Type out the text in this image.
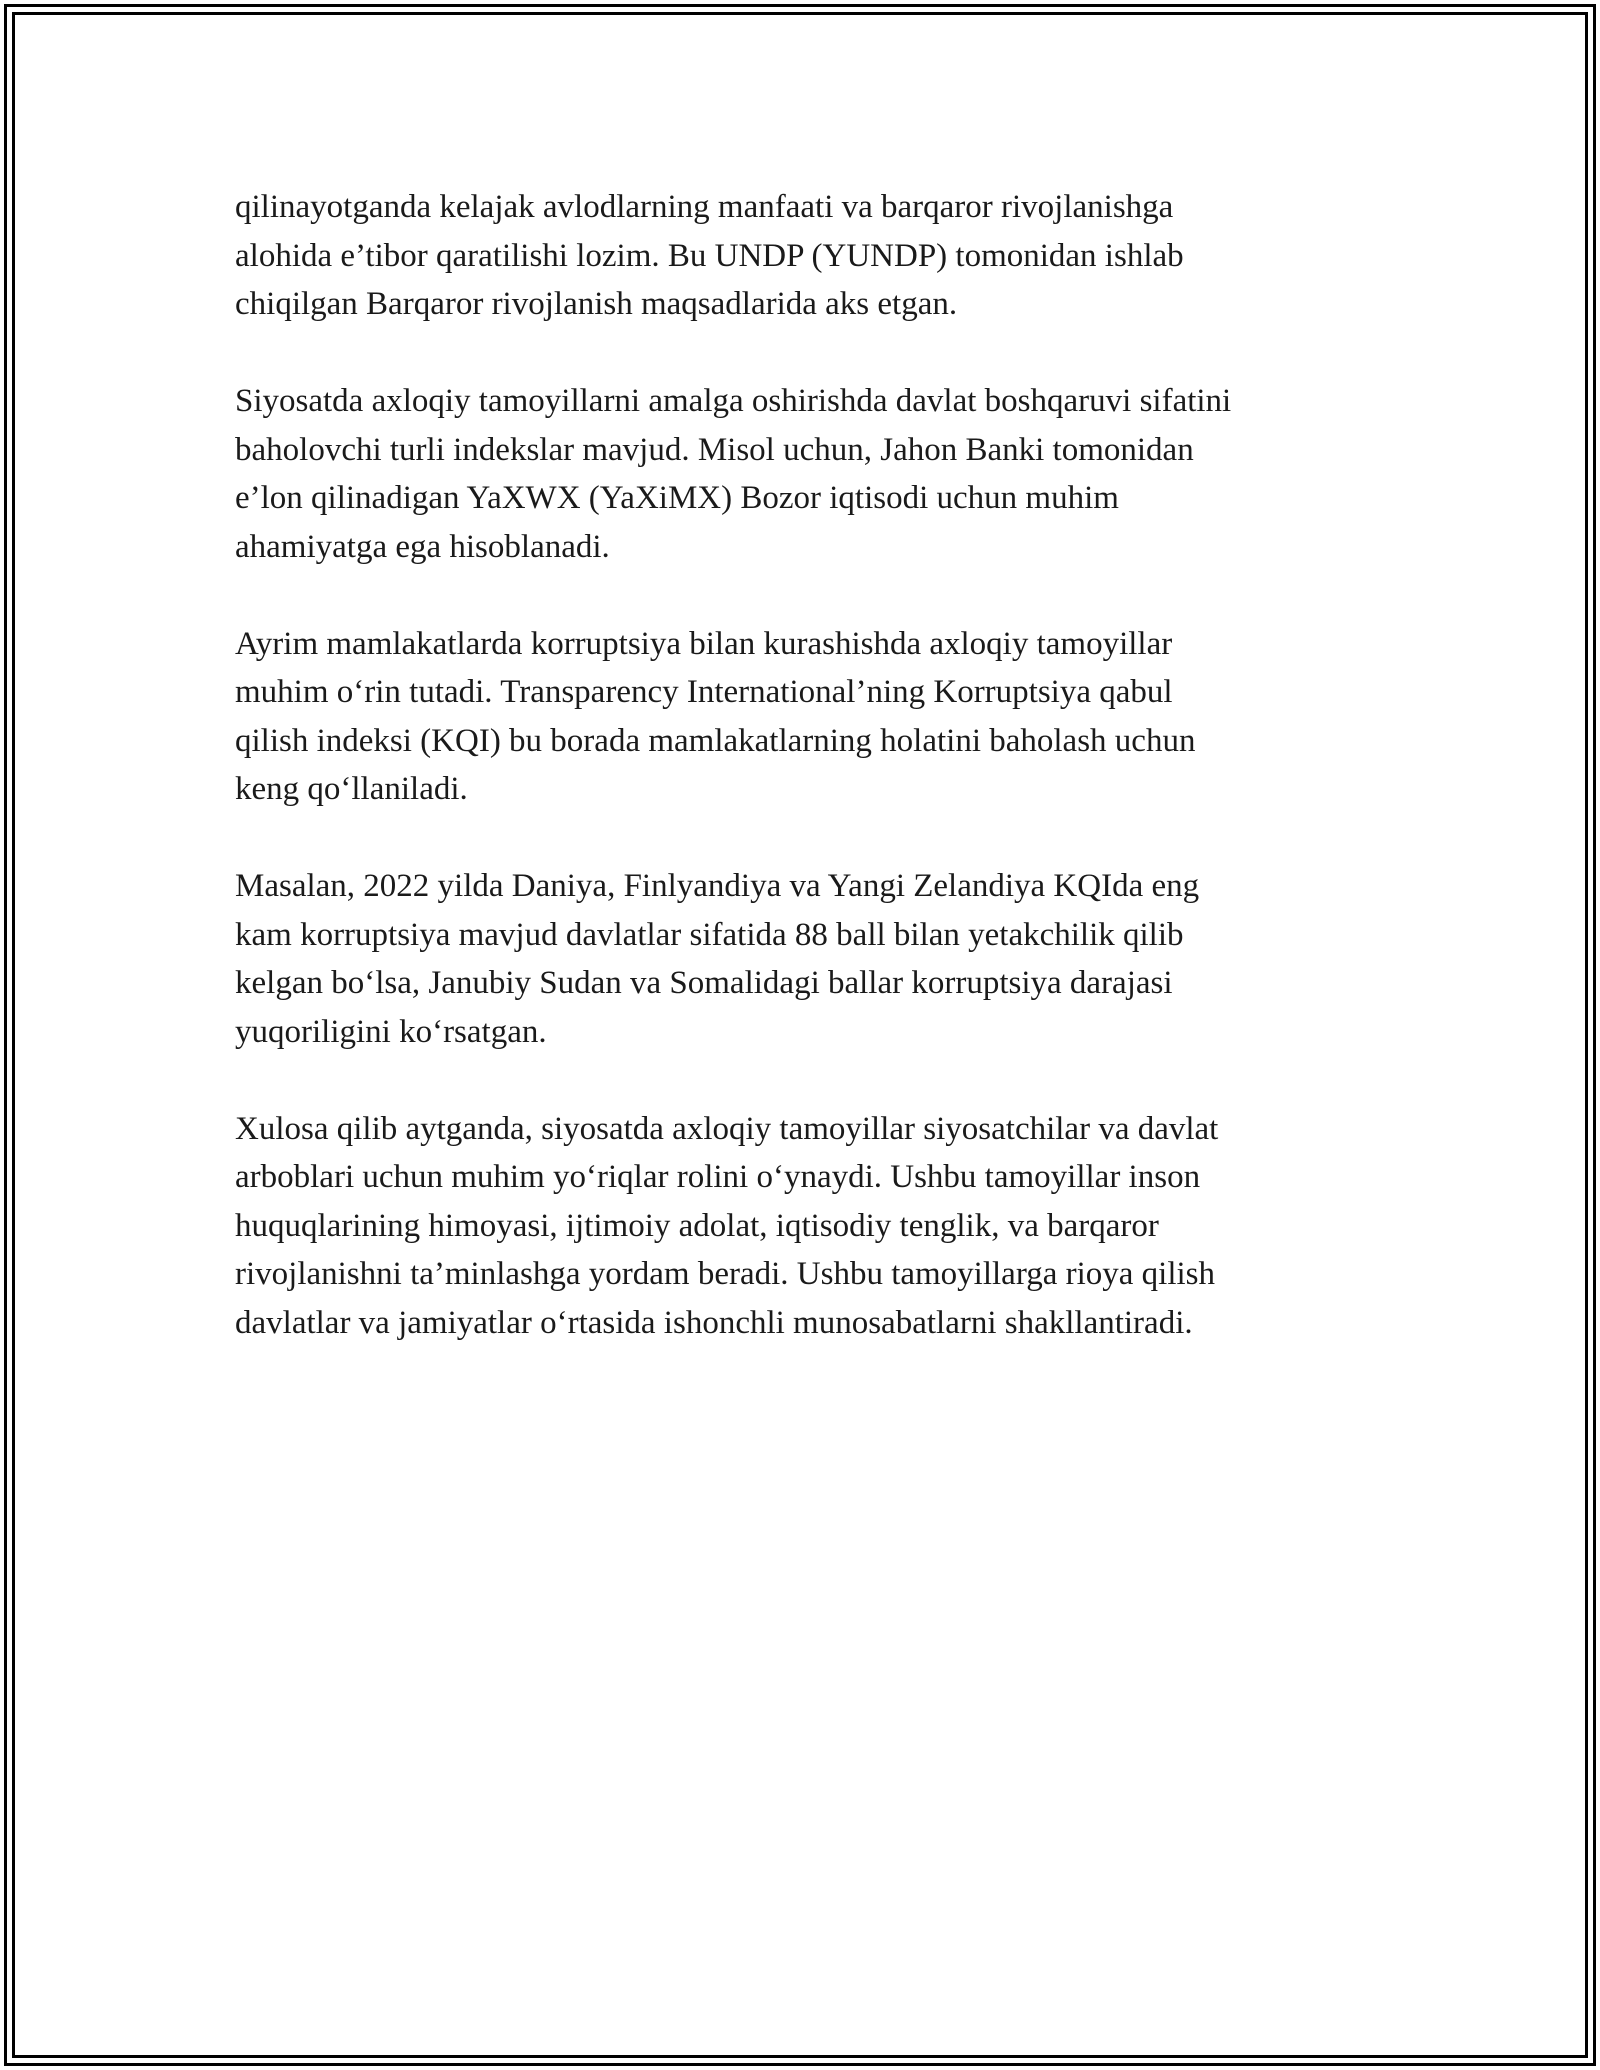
qilinayotganda kelajak avlodlarning manfaati va barqaror rivojlanishga
alohida e’tibor qaratilishi lozim. Bu UNDP (YUNDP) tomonidan ishlab
chiqilgan Barqaror rivojlanish maqsadlarida aks etgan.
Siyosatda axloqiy tamoyillarni amalga oshirishda davlat boshqaruvi sifatini
baholovchi turli indekslar mavjud. Misol uchun, Jahon Banki tomonidan
e’lon qilinadigan YaXWX (YaXiMX) Bozor iqtisodi uchun muhim
ahamiyatga ega hisoblanadi.
Ayrim mamlakatlarda korruptsiya bilan kurashishda axloqiy tamoyillar
muhim o‘rin tutadi. Transparency International’ning Korruptsiya qabul
qilish indeksi (KQI) bu borada mamlakatlarning holatini baholash uchun
keng qo‘llaniladi.
Masalan, 2022 yilda Daniya, Finlyandiya va Yangi Zelandiya KQIda eng
kam korruptsiya mavjud davlatlar sifatida 88 ball bilan yetakchilik qilib
kelgan bo‘lsa, Janubiy Sudan va Somalidagi ballar korruptsiya darajasi
yuqoriligini ko‘rsatgan.
Xulosa qilib aytganda, siyosatda axloqiy tamoyillar siyosatchilar va davlat
arboblari uchun muhim yo‘riqlar rolini o‘ynaydi. Ushbu tamoyillar inson
huquqlarining himoyasi, ijtimoiy adolat, iqtisodiy tenglik, va barqaror
rivojlanishni ta’minlashga yordam beradi. Ushbu tamoyillarga rioya qilish
davlatlar va jamiyatlar o‘rtasida ishonchli munosabatlarni shakllantiradi.
